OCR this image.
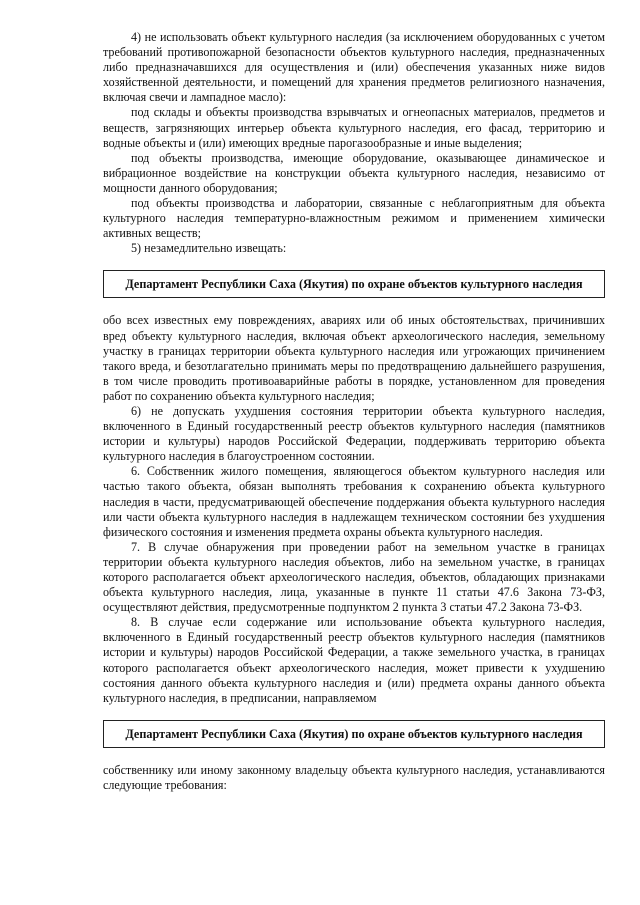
4) не использовать объект культурного наследия (за исключением оборудованных с учетом требований противопожарной безопасности объектов культурного наследия, предназначенных либо предназначавшихся для осуществления и (или) обеспечения указанных ниже видов хозяйственной деятельности, и помещений для хранения предметов религиозного назначения, включая свечи и лампадное масло):

под склады и объекты производства взрывчатых и огнеопасных материалов, предметов и веществ, загрязняющих интерьер объекта культурного наследия, его фасад, территорию и водные объекты и (или) имеющих вредные парогазообразные и иные выделения;

под объекты производства, имеющие оборудование, оказывающее динамическое и вибрационное воздействие на конструкции объекта культурного наследия, независимо от мощности данного оборудования;

под объекты производства и лаборатории, связанные с неблагоприятным для объекта культурного наследия температурно-влажностным режимом и применением химически активных веществ;

5) незамедлительно извещать:

Департамент Республики Саха (Якутия) по охране объектов культурного наследия

обо всех известных ему повреждениях, авариях или об иных обстоятельствах, причинивших вред объекту культурного наследия, включая объект археологического наследия, земельному участку в границах территории объекта культурного наследия или угрожающих причинением такого вреда, и безотлагательно принимать меры по предотвращению дальнейшего разрушения, в том числе проводить противоаварийные работы в порядке, установленном для проведения работ по сохранению объекта культурного наследия;

6) не допускать ухудшения состояния территории объекта культурного наследия, включенного в Единый государственный реестр объектов культурного наследия (памятников истории и культуры) народов Российской Федерации, поддерживать территорию объекта культурного наследия в благоустроенном состоянии.

6. Собственник жилого помещения, являющегося объектом культурного наследия или частью такого объекта, обязан выполнять требования к сохранению объекта культурного наследия в части, предусматривающей обеспечение поддержания объекта культурного наследия или части объекта культурного наследия в надлежащем техническом состоянии без ухудшения физического состояния и изменения предмета охраны объекта культурного наследия.

7. В случае обнаружения при проведении работ на земельном участке в границах территории объекта культурного наследия объектов, либо на земельном участке, в границах которого располагается объект археологического наследия, объектов, обладающих признаками объекта культурного наследия, лица, указанные в пункте 11 статьи 47.6 Закона 73-ФЗ, осуществляют действия, предусмотренные подпунктом 2 пункта 3 статьи 47.2 Закона 73-ФЗ.

8. В случае если содержание или использование объекта культурного наследия, включенного в Единый государственный реестр объектов культурного наследия (памятников истории и культуры) народов Российской Федерации, а также земельного участка, в границах которого располагается объект археологического наследия, может привести к ухудшению состояния данного объекта культурного наследия и (или) предмета охраны данного объекта культурного наследия, в предписании, направляемом

Департамент Республики Саха (Якутия) по охране объектов культурного наследия

собственнику или иному законному владельцу объекта культурного наследия, устанавливаются следующие требования:
